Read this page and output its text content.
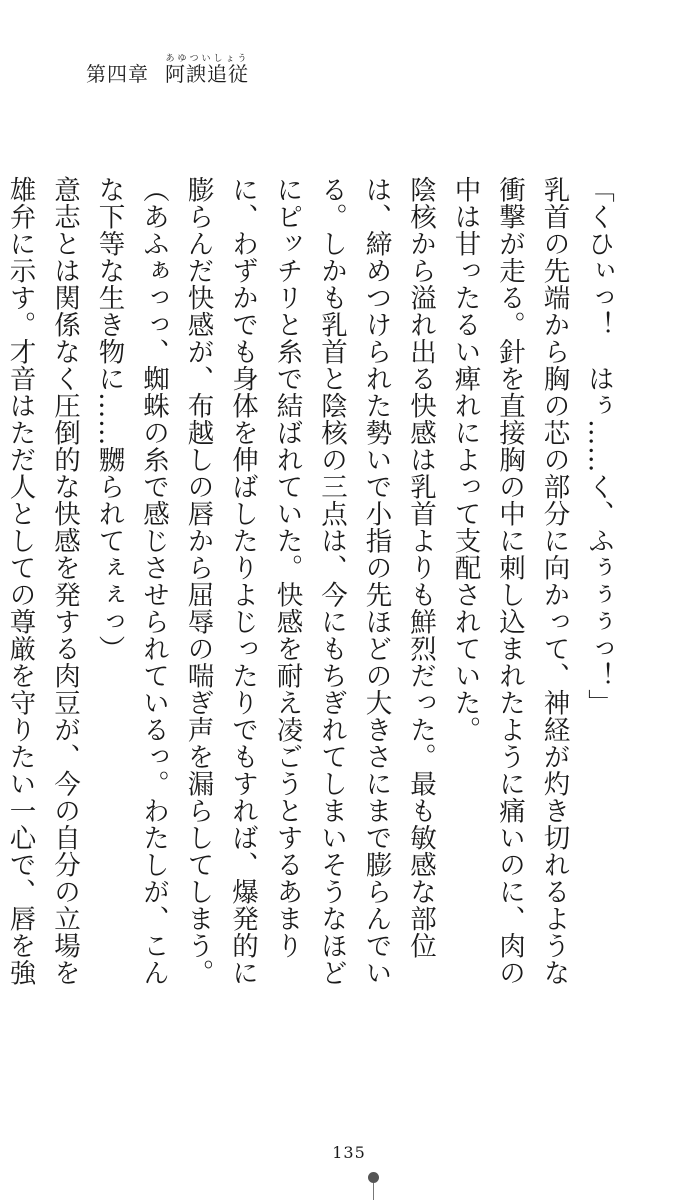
第四章 阿諛追従あゆついしょう

「くひぃっ！　はぅ……く、ふぅぅぅっ！」

乳首の先端から胸の芯の部分に向かって、神経が灼き切れるような衝撃が走る。針を直接胸の中に刺し込まれたように痛いのに、肉の中は甘ったるい痺れによって支配されていた。

陰核から溢れ出る快感は乳首よりも鮮烈だった。最も敏感な部位は、締めつけられた勢いで小指の先ほどの大きさにまで膨らんでいる。しかも乳首と陰核の三点は、今にもちぎれてしまいそうなほどにピッチリと糸で結ばれていた。快感を耐え凌ごうとするあまりに、わずかでも身体を伸ばしたりよじったりでもすれば、爆発的に膨らんだ快感が、布越しの唇から屈辱の喘ぎ声を漏らしてしまう。

（あふぁっっ、蜘蛛の糸で感じさせられているっ。わたしが、こんな下等な生き物に……嬲られてぇぇっ）

意志とは関係なく圧倒的な快感を発する肉豆が、今の自分の立場を雄弁に示す。才音はただ人としての尊厳を守りたい一心で、唇を強

135
